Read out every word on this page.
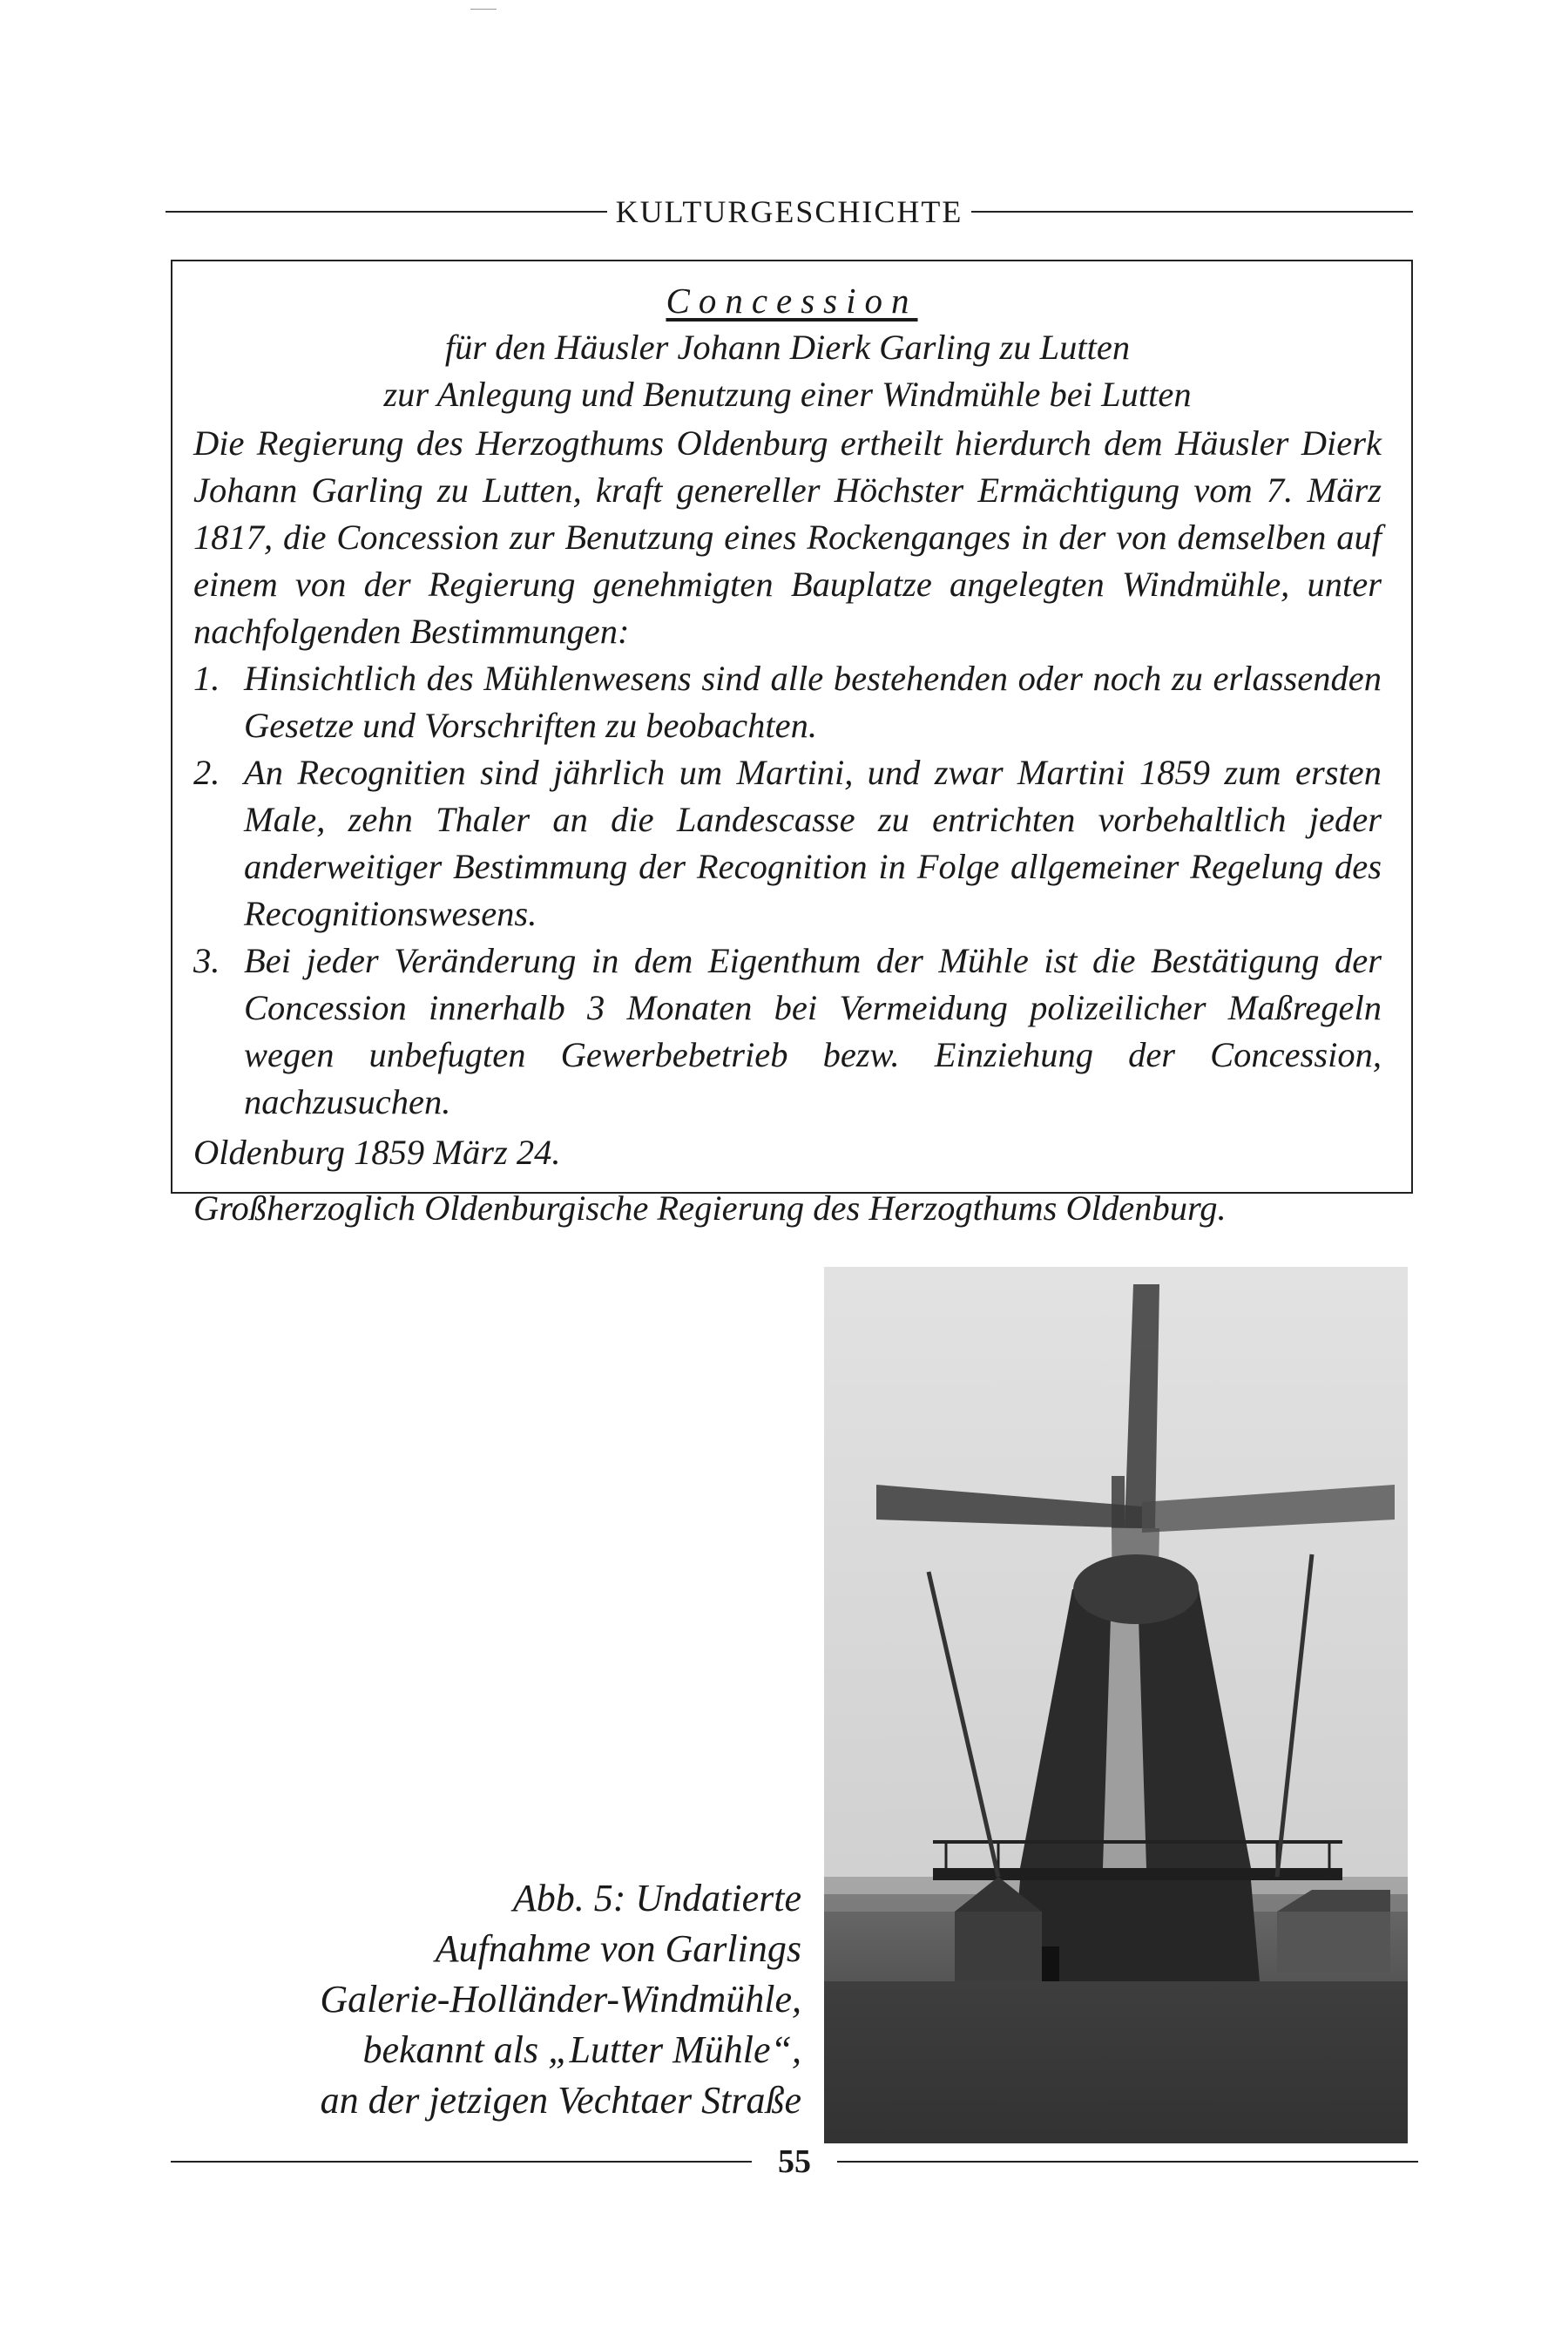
KULTURGESCHICHTE
Concession
für den Häusler Johann Dierk Garling zu Lutten
zur Anlegung und Benutzung einer Windmühle bei Lutten
Die Regierung des Herzogthums Oldenburg ertheilt hierdurch dem Häusler Dierk Johann Garling zu Lutten, kraft genereller Höchster Ermächtigung vom 7. März 1817, die Concession zur Benutzung eines Rockenganges in der von demselben auf einem von der Regierung genehmigten Bauplatze angelegten Windmühle, unter nachfolgenden Bestimmungen:
1. Hinsichtlich des Mühlenwesens sind alle bestehenden oder noch zu erlassenden Gesetze und Vorschriften zu beobachten.
2. An Recognitien sind jährlich um Martini, und zwar Martini 1859 zum ersten Male, zehn Thaler an die Landescasse zu entrichten vorbehaltlich jeder anderweitiger Bestimmung der Recognition in Folge allgemeiner Regelung des Recognitionswesens.
3. Bei jeder Veränderung in dem Eigenthum der Mühle ist die Bestätigung der Concession innerhalb 3 Monaten bei Vermeidung polizeilicher Maßregeln wegen unbefugten Gewerbebetrieb bezw. Einziehung der Concession, nachzusuchen.
Oldenburg 1859 März 24.
Großherzoglich Oldenburgische Regierung des Herzogthums Oldenburg.
Abb. 5: Undatierte
Aufnahme von Garlings
Galerie-Holländer-Windmühle,
bekannt als „Lutter Mühle“,
an der jetzigen Vechtaer Straße
55
